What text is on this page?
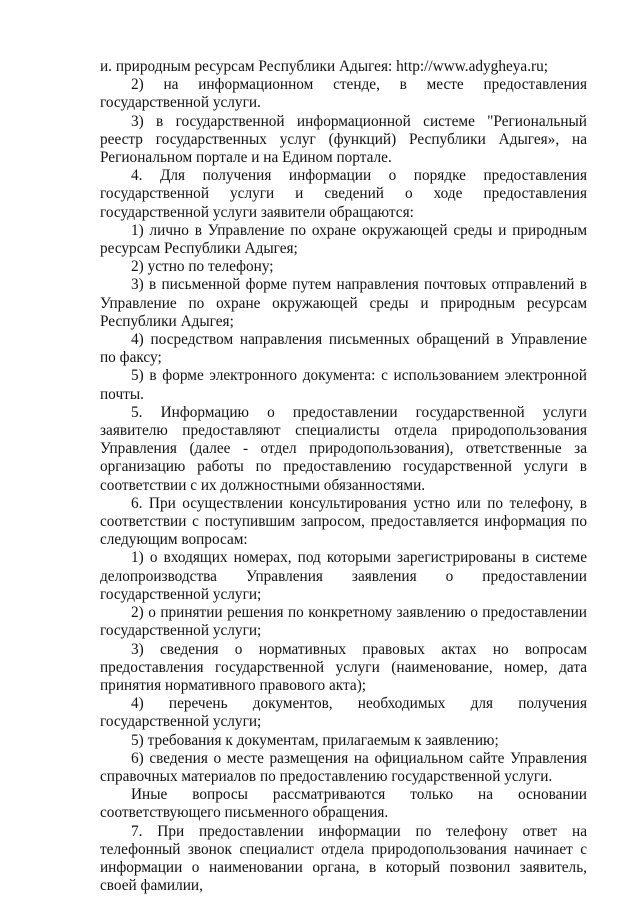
и. природным ресурсам Республики Адыгея: http://www.adygheya.ru;

2) на информационном стенде, в месте предоставления государственной услуги.

3) в государственной информационной системе "Региональный реестр государственных услуг (функций) Республики Адыгея», на Региональном портале и на Едином портале.

4. Для получения информации о порядке предоставления государственной услуги и сведений о ходе предоставления государственной услуги заявители обращаются:

1) лично в Управление по охране окружающей среды и природным ресурсам Республики Адыгея;

2) устно по телефону;

3) в письменной форме путем направления почтовых отправлений в Управление по охране окружающей среды и природным ресурсам Республики Адыгея;

4) посредством направления письменных обращений в Управление по факсу;

5) в форме электронного документа: с использованием электронной почты.

5. Информацию о предоставлении государственной услуги заявителю предоставляют специалисты отдела природопользования Управления (далее - отдел природопользования), ответственные за организацию работы по предоставлению государственной услуги в соответствии с их должностными обязанностями.

6. При осуществлении консультирования устно или по телефону, в соответствии с поступившим запросом, предоставляется информация по следующим вопросам:

1) о входящих номерах, под которыми зарегистрированы в системе делопроизводства Управления заявления о предоставлении государственной услуги;

2) о принятии решения по конкретному заявлению о предоставлении государственной услуги;

3) сведения о нормативных правовых актах но вопросам предоставления государственной услуги (наименование, номер, дата принятия нормативного правового акта);

4) перечень документов, необходимых для получения государственной услуги;

5) требования к документам, прилагаемым к заявлению;

6) сведения о месте размещения на официальном сайте Управления справочных материалов по предоставлению государственной услуги.

Иные вопросы рассматриваются только на основании соответствующего письменного обращения.

7. При предоставлении информации по телефону ответ на телефонный звонок специалист отдела природопользования начинает с информации о наименовании органа, в который позвонил заявитель, своей фамилии,
